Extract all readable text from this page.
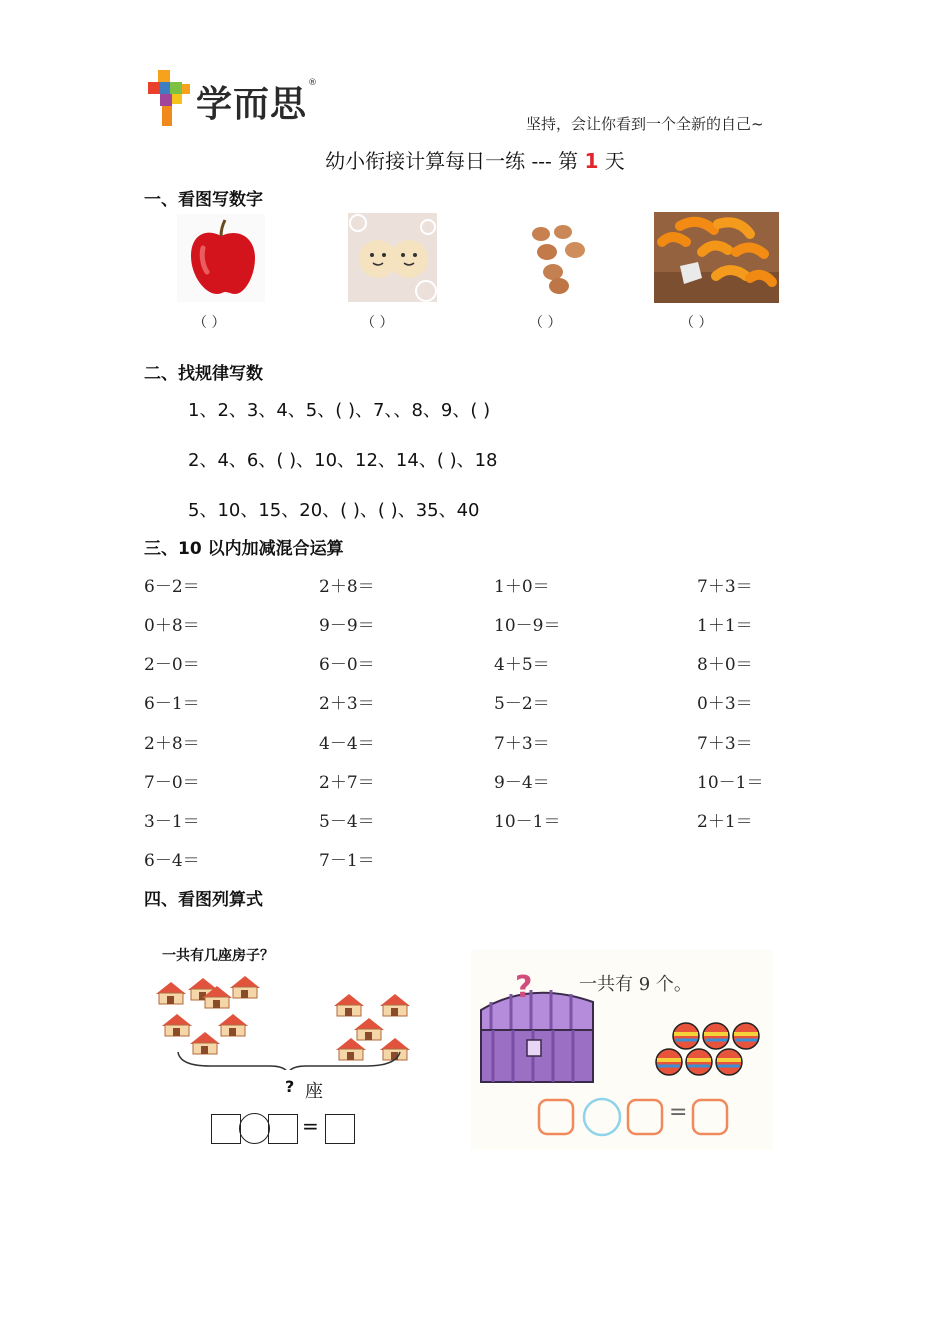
学而思
®
坚持，会让你看到一个全新的自己~
幼小衔接计算每日一练 --- 第 1 天
一、看图写数字
（ ）	（ ）	（ ）	（ ）
二、找规律写数
1、2、3、4、5、( )、7、、8、9、( )
2、4、6、( )、10、12、14、( )、18
5、10、15、20、( )、( )、35、40
三、10 以内加减混合运算
6－2＝	2＋8＝	1＋0＝	7＋3＝
0＋8＝	9－9＝	10－9＝	1＋1＝
2－0＝	6－0＝	4＋5＝	8＋0＝
6－1＝	2＋3＝	5－2＝	0＋3＝
2＋8＝	4－4＝	7＋3＝	7＋3＝
7－0＝	2＋7＝	9－4＝	10－1＝
3－1＝	5－4＝	10－1＝	2＋1＝
6－4＝	7－1＝
四、看图列算式
一共有几座房子？
? 座
=
?	一共有 9 个。
=
